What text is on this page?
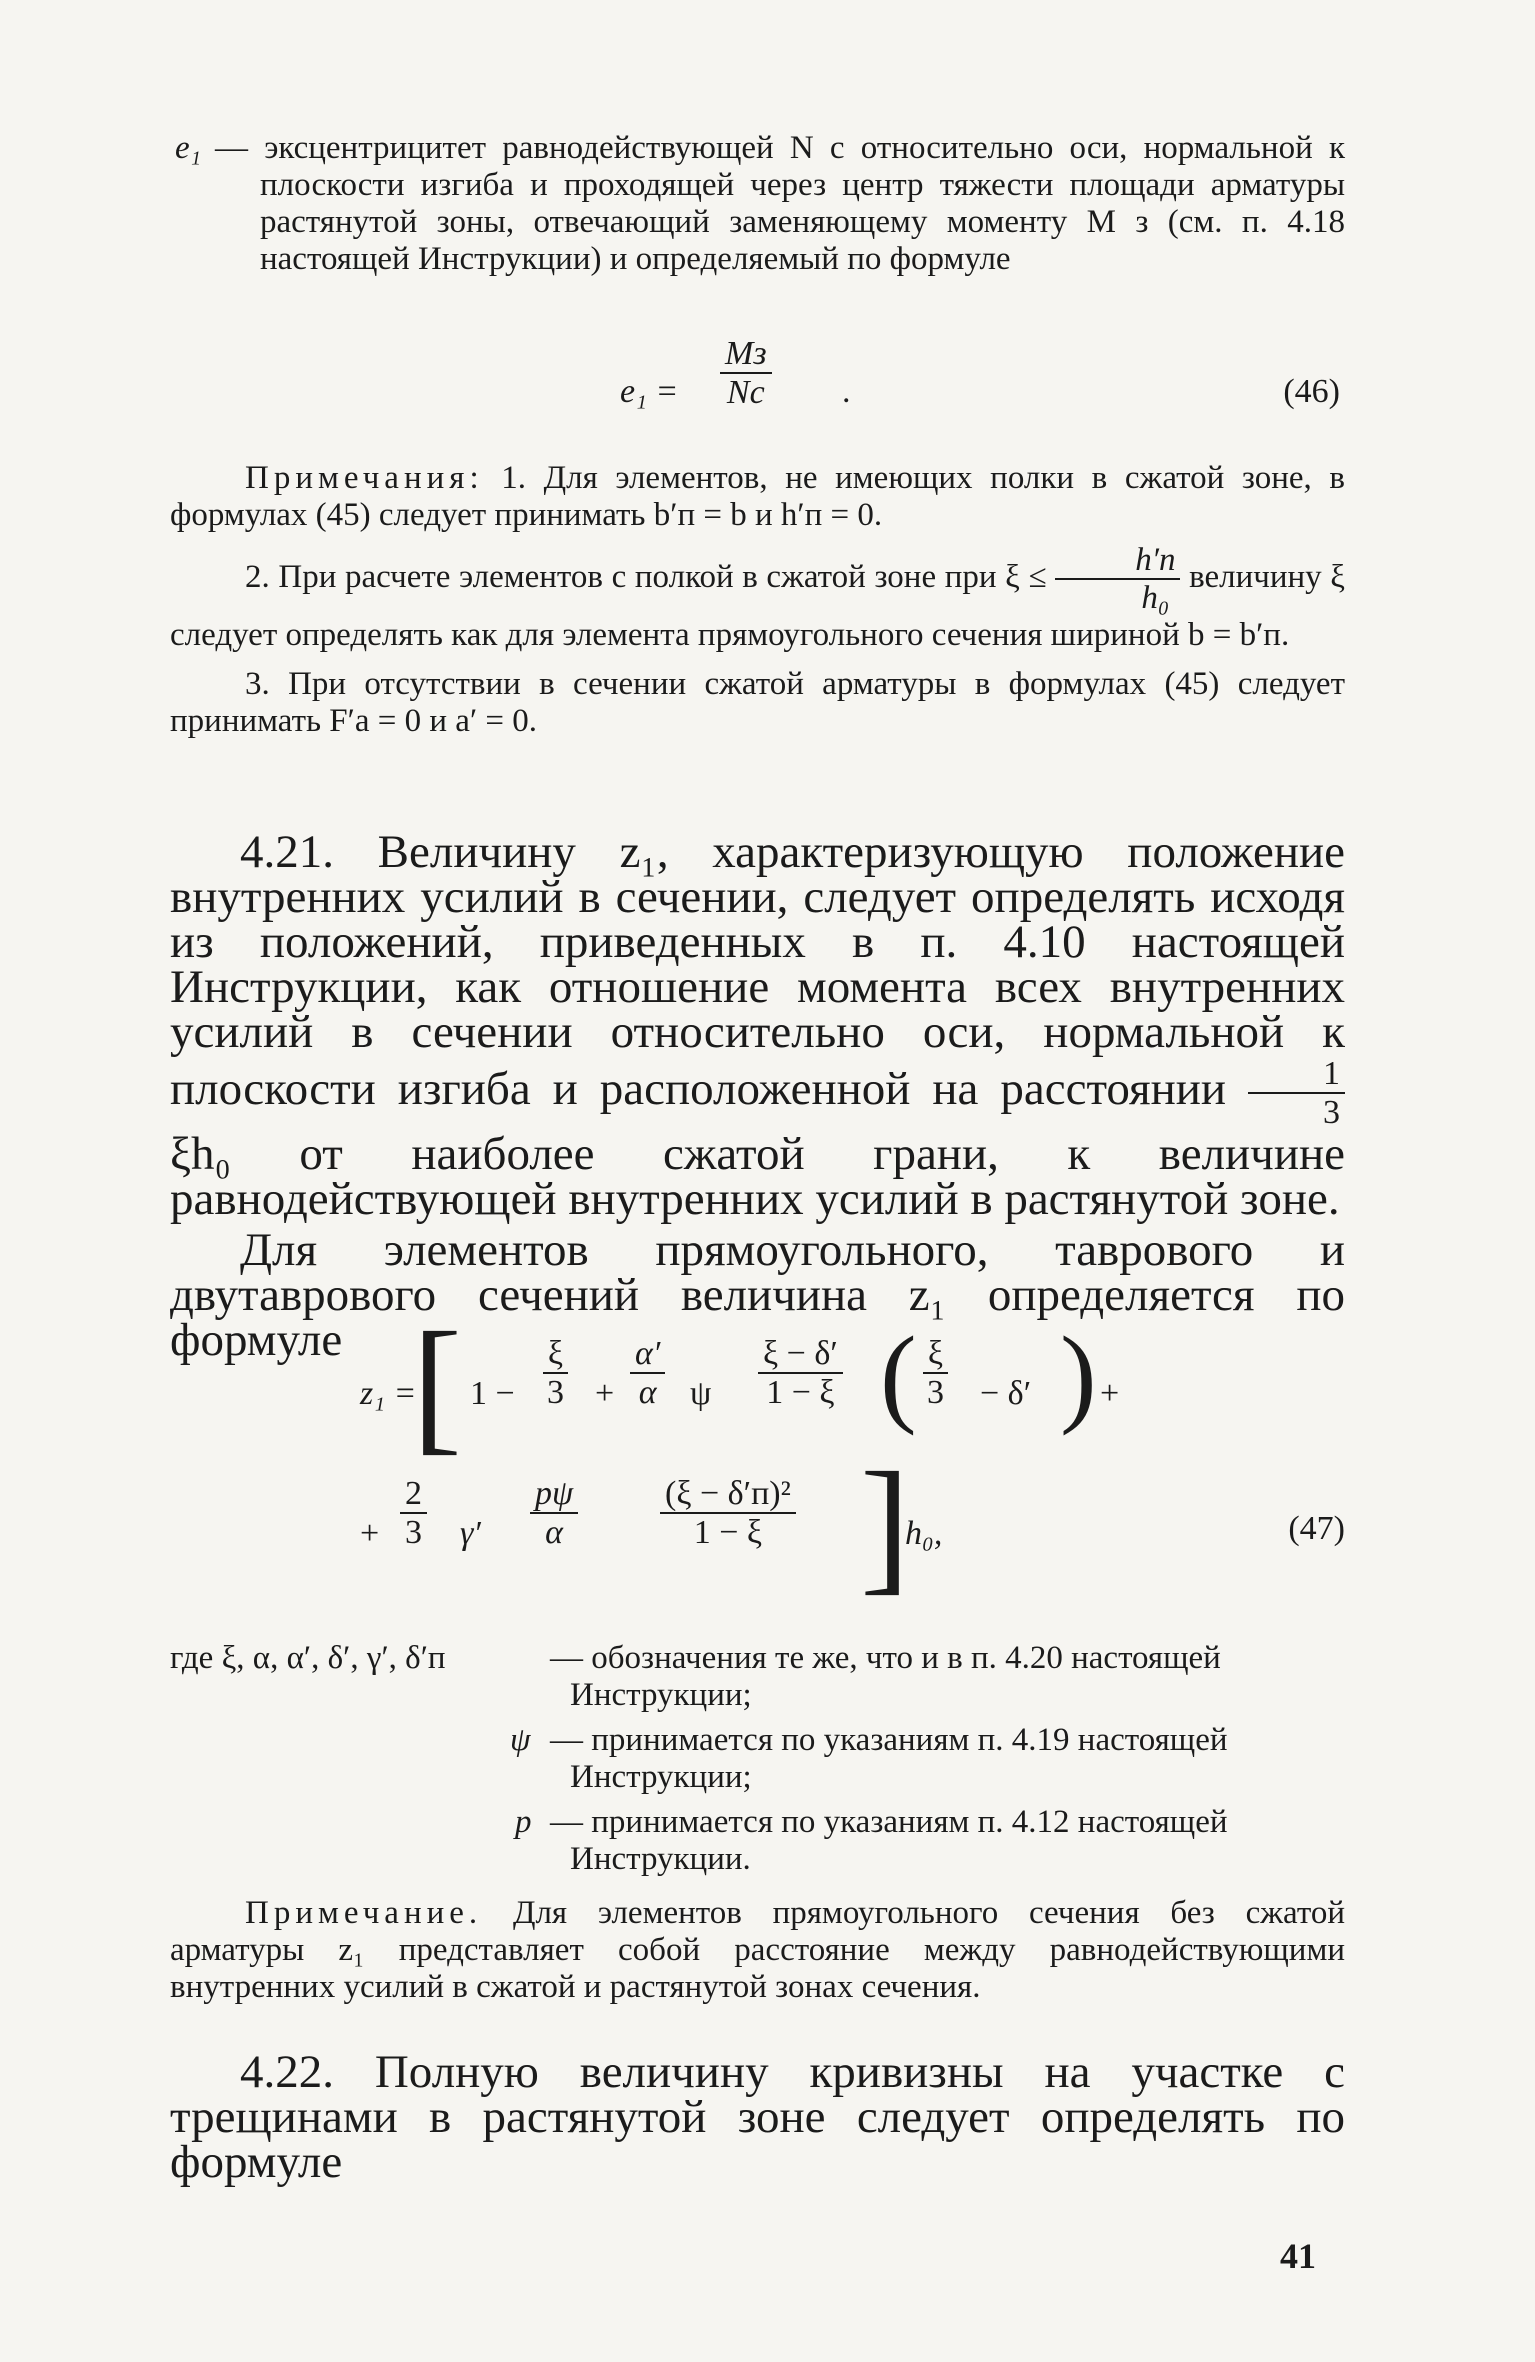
e₁ — эксцентрицитет равнодействующей N с относительно оси, нормальной к плоскости изгиба и проходящей через центр тяжести площади арматуры растянутой зоны, отвечающий заменяющему моменту M з (см. п. 4.18 настоящей Инструкции) и определяемый по формуле
e₁ =
Mз
Nс .	(46)
Примечания: 1. Для элементов, не имеющих полки в сжатой зоне, в формулах (45) следует принимать b′п = b и h′п = 0.
2. При расчете элементов с полкой в сжатой зоне при $\xi \le \frac{h'п}{\text{h₀}}$ величину ξ следует определять как для элемента прямоугольного сечения шириной b = b′п.
3. При отсутствии в сечении сжатой арматуры в формулах (45) следует принимать F′а = 0 и a′ = 0.
4.21. Величину z₁, характеризующую положение внутренних усилий в сечении, следует определять исходя из положений, приведенных в п. 4.10 настоящей Инструкции, как отношение момента всех внутренних усилий в сечении относительно оси, нормальной к плоскости изгиба и расположенной на расстоянии $\frac{1}{3}$
ξh₀ от наиболее сжатой грани, к величине равнодействующей внутренних усилий в растянутой зоне.
Для элементов прямоугольного, таврового и двутаврового сечений величина z₁ определяется по формуле
z₁ =
[ $1 - \frac{\xi}{3} + \frac{\alpha'}{\alpha}$ ψ $\frac{\xi - \delta'}{1 - \xi}$ ( $\frac{\xi}{3} - \delta'$ ) +
+ $\frac{2}{3} \gamma' \frac{p\psi}{\alpha}$	(ξ − δ′п)²
1 − ξ ]
h₀,	(47)
где ξ, α, α′, δ′, γ′, δ′п	— обозначения те же, что и в п. 4.20 настоящей Инструкции;
ψ — принимается по указаниям п. 4.19 настоящей Инструкции;
p — принимается по указаниям п. 4.12 настоящей Инструкции.
Примечание. Для элементов прямоугольного сечения без сжатой арматуры z₁ представляет собой расстояние между равнодействующими внутренних усилий в сжатой и растянутой зонах сечения.
4.22. Полную величину кривизны на участке с трещинами в растянутой зоне следует определять по формуле
41
